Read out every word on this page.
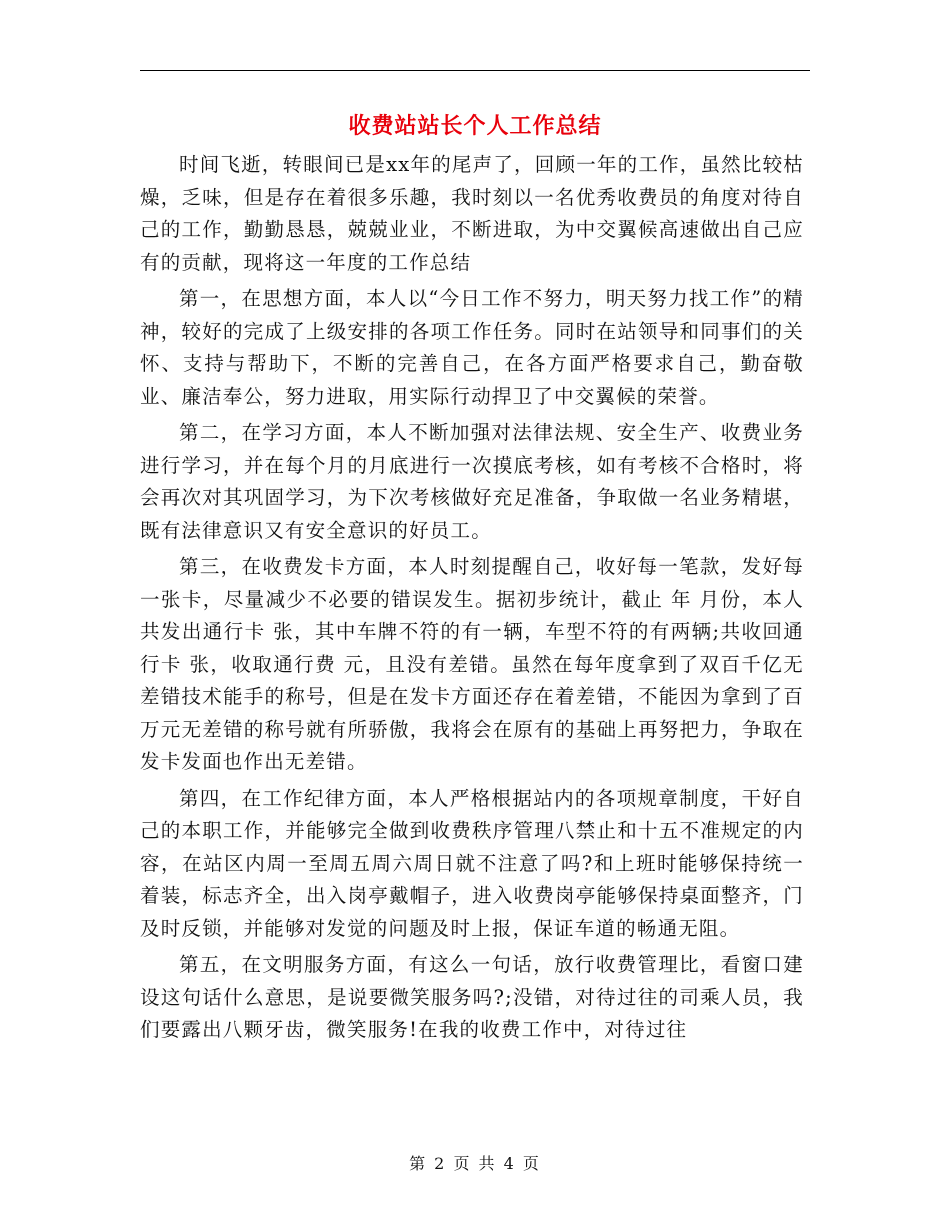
收费站站长个人工作总结

时间飞逝，转眼间已是xx年的尾声了，回顾一年的工作，虽然比较枯燥，乏味，但是存在着很多乐趣，我时刻以一名优秀收费员的角度对待自己的工作，勤勤恳恳，兢兢业业，不断进取，为中交翼候高速做出自己应有的贡献，现将这一年度的工作总结

第一，在思想方面，本人以“今日工作不努力，明天努力找工作”的精神，较好的完成了上级安排的各项工作任务。同时在站领导和同事们的关怀、支持与帮助下，不断的完善自己，在各方面严格要求自己，勤奋敬业、廉洁奉公，努力进取，用实际行动捍卫了中交翼候的荣誉。

第二，在学习方面，本人不断加强对法律法规、安全生产、收费业务进行学习，并在每个月的月底进行一次摸底考核，如有考核不合格时，将会再次对其巩固学习，为下次考核做好充足准备，争取做一名业务精堪，既有法律意识又有安全意识的好员工。

第三，在收费发卡方面，本人时刻提醒自己，收好每一笔款，发好每一张卡，尽量减少不必要的错误发生。据初步统计，截止 年 月份，本人共发出通行卡 张，其中车牌不符的有一辆，车型不符的有两辆;共收回通行卡 张，收取通行费 元，且没有差错。虽然在每年度拿到了双百千亿无差错技术能手的称号，但是在发卡方面还存在着差错，不能因为拿到了百万元无差错的称号就有所骄傲，我将会在原有的基础上再努把力，争取在发卡发面也作出无差错。

第四，在工作纪律方面，本人严格根据站内的各项规章制度，干好自己的本职工作，并能够完全做到收费秩序管理八禁止和十五不准规定的内容，在站区内周一至周五周六周日就不注意了吗?和上班时能够保持统一着装，标志齐全，出入岗亭戴帽子，进入收费岗亭能够保持桌面整齐，门及时反锁，并能够对发觉的问题及时上报，保证车道的畅通无阻。

第五，在文明服务方面，有这么一句话，放行收费管理比，看窗口建设这句话什么意思，是说要微笑服务吗?;没错，对待过往的司乘人员，我们要露出八颗牙齿，微笑服务!在我的收费工作中，对待过往

第 2 页 共 4 页
